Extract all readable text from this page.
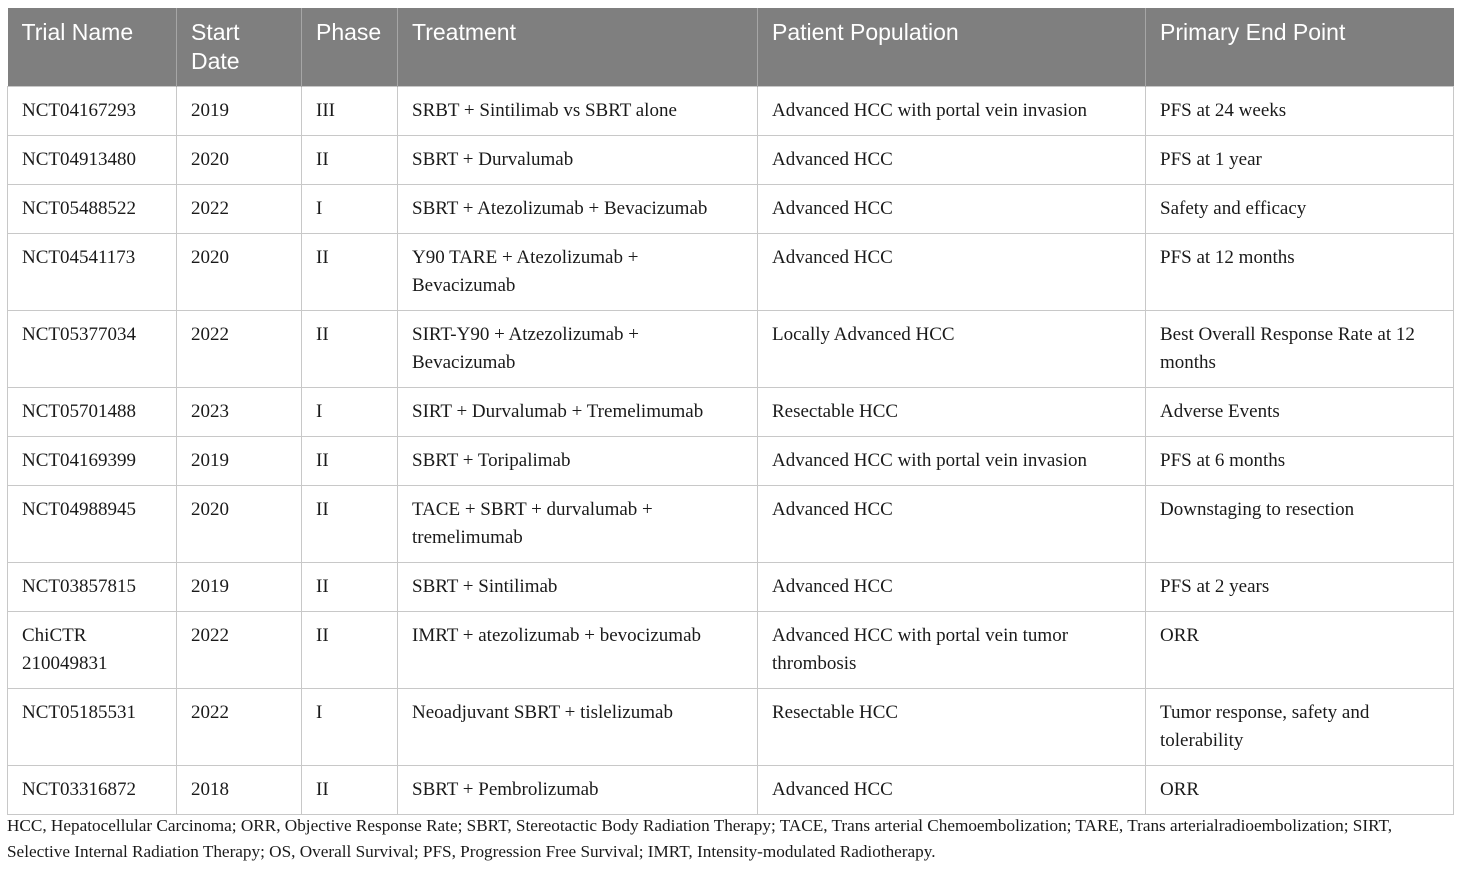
Trial Name	Start Date	Phase	Treatment	Patient Population	Primary End Point
NCT04167293	2019	III	SRBT + Sintilimab vs SBRT alone	Advanced HCC with portal vein invasion	PFS at 24 weeks
NCT04913480	2020	II	SBRT + Durvalumab	Advanced HCC	PFS at 1 year
NCT05488522	2022	I	SBRT + Atezolizumab + Bevacizumab	Advanced HCC	Safety and efficacy
NCT04541173	2020	II	Y90 TARE + Atezolizumab + Bevacizumab	Advanced HCC	PFS at 12 months
NCT05377034	2022	II	SIRT-Y90 + Atzezolizumab + Bevacizumab	Locally Advanced HCC	Best Overall Response Rate at 12 months
NCT05701488	2023	I	SIRT + Durvalumab + Tremelimumab	Resectable HCC	Adverse Events
NCT04169399	2019	II	SBRT + Toripalimab	Advanced HCC with portal vein invasion	PFS at 6 months
NCT04988945	2020	II	TACE + SBRT + durvalumab + tremelimumab	Advanced HCC	Downstaging to resection
NCT03857815	2019	II	SBRT + Sintilimab	Advanced HCC	PFS at 2 years
ChiCTR 210049831	2022	II	IMRT + atezolizumab + bevocizumab	Advanced HCC with portal vein tumor thrombosis	ORR
NCT05185531	2022	I	Neoadjuvant SBRT + tislelizumab	Resectable HCC	Tumor response, safety and tolerability
NCT03316872	2018	II	SBRT + Pembrolizumab	Advanced HCC	ORR
HCC, Hepatocellular Carcinoma; ORR, Objective Response Rate; SBRT, Stereotactic Body Radiation Therapy; TACE, Trans arterial Chemoembolization; TARE, Trans arterialradioembolization; SIRT, Selective Internal Radiation Therapy; OS, Overall Survival; PFS, Progression Free Survival; IMRT, Intensity-modulated Radiotherapy.
